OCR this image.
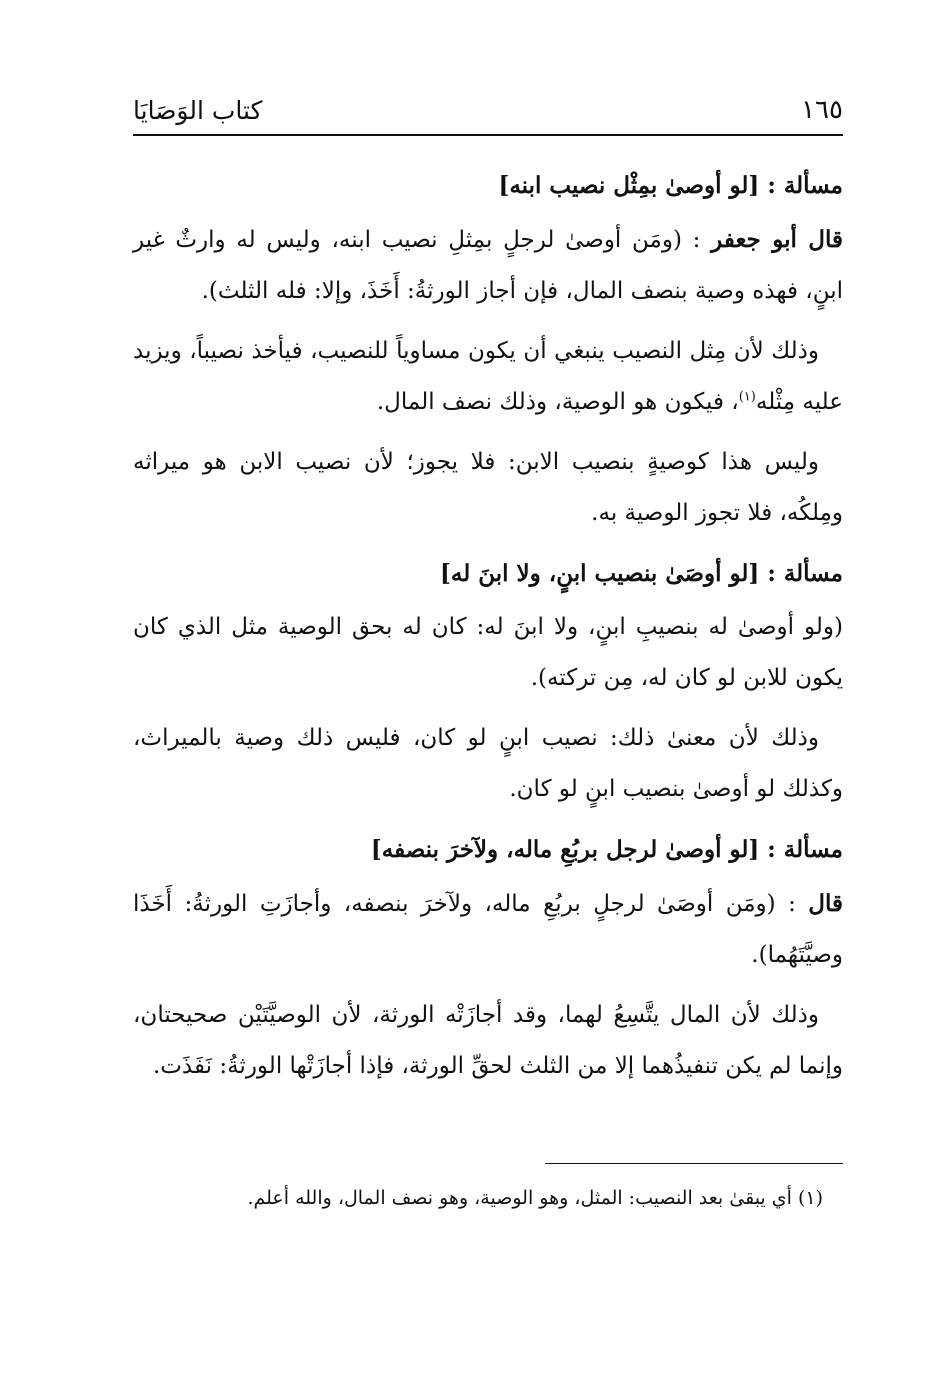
كتاب الوَصَايَا	١٦٥

مسألة : [لو أوصىٰ بمِثْل نصيب ابنه]

قال أبو جعفر : (ومَن أوصىٰ لرجلٍ بمِثلِ نصيب ابنه، وليس له وارثٌ غير ابنٍ، فهذه وصية بنصف المال، فإن أجاز الورثةُ: أَخَذَ، وإلا: فله الثلث).

وذلك لأن مِثل النصيب ينبغي أن يكون مساوياً للنصيب، فيأخذ نصيباً، ويزيد عليه مِثْله$^{(١)}$، فيكون هو الوصية، وذلك نصف المال.

وليس هذا كوصيةٍ بنصيب الابن: فلا يجوز؛ لأن نصيب الابن هو ميراثه ومِلكُه، فلا تجوز الوصية به.

مسألة : [لو أوصَىٰ بنصيب ابنٍ، ولا ابنَ له]

(ولو أوصىٰ له بنصيبِ ابنٍ، ولا ابنَ له: كان له بحق الوصية مثل الذي كان يكون للابن لو كان له، مِن تركته).

وذلك لأن معنىٰ ذلك: نصيب ابنٍ لو كان، فليس ذلك وصية بالميراث، وكذلك لو أوصىٰ بنصيب ابنٍ لو كان.

مسألة : [لو أوصىٰ لرجل بربُعِ ماله، ولآخرَ بنصفه]

قال : (ومَن أوصَىٰ لرجلٍ بربُعِ ماله، ولآخرَ بنصفه، وأجازَتِ الورثةُ: أَخَذَا وصيَّتَهُما).

وذلك لأن المال يتَّسِعُ لهما، وقد أجازَتْه الورثة، لأن الوصيَّتَيْن صحيحتان، وإنما لم يكن تنفيذُهما إلا من الثلث لحقِّ الورثة، فإذا أجازَتْها الورثةُ: نَفَذَت.

(١) أي يبقىٰ بعد النصيب: المثل، وهو الوصية، وهو نصف المال، والله أعلم.
